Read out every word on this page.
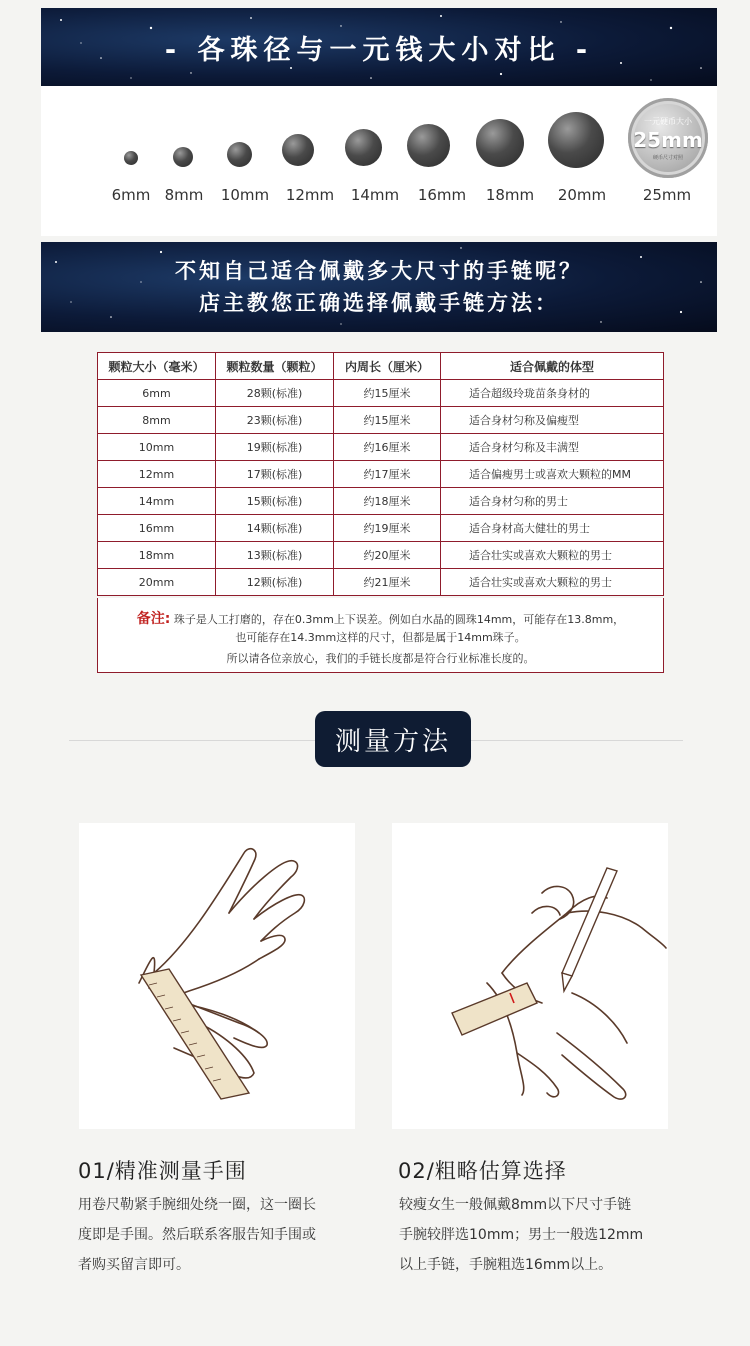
- 各珠径与一元钱大小对比 -
一元硬币大小
25mm
硬币尺寸对照
6mm 8mm 10mm 12mm 14mm 16mm 18mm 20mm 25mm
不知自己适合佩戴多大尺寸的手链呢？
店主教您正确选择佩戴手链方法：
颗粒大小（毫米）	颗粒数量（颗粒）	内周长（厘米）	适合佩戴的体型
6mm	28颗(标准)	约15厘米	适合超级玲珑苗条身材的
8mm	23颗(标准)	约15厘米	适合身材匀称及偏瘦型
10mm	19颗(标准)	约16厘米	适合身材匀称及丰满型
12mm	17颗(标准)	约17厘米	适合偏瘦男士或喜欢大颗粒的MM
14mm	15颗(标准)	约18厘米	适合身材匀称的男士
16mm	14颗(标准)	约19厘米	适合身材高大健壮的男士
18mm	13颗(标准)	约20厘米	适合壮实或喜欢大颗粒的男士
20mm	12颗(标准)	约21厘米	适合壮实或喜欢大颗粒的男士
备注: 珠子是人工打磨的，存在0.3mm上下误差。例如白水晶的圆珠14mm，可能存在13.8mm，
也可能存在14.3mm这样的尺寸，但都是属于14mm珠子。
所以请各位亲放心，我们的手链长度都是符合行业标准长度的。
测量方法
01/精准测量手围
用卷尺勒紧手腕细处绕一圈，这一圈长
度即是手围。然后联系客服告知手围或
者购买留言即可。
02/粗略估算选择
较瘦女生一般佩戴8mm以下尺寸手链
手腕较胖选10mm；男士一般选12mm
以上手链，手腕粗选16mm以上。
